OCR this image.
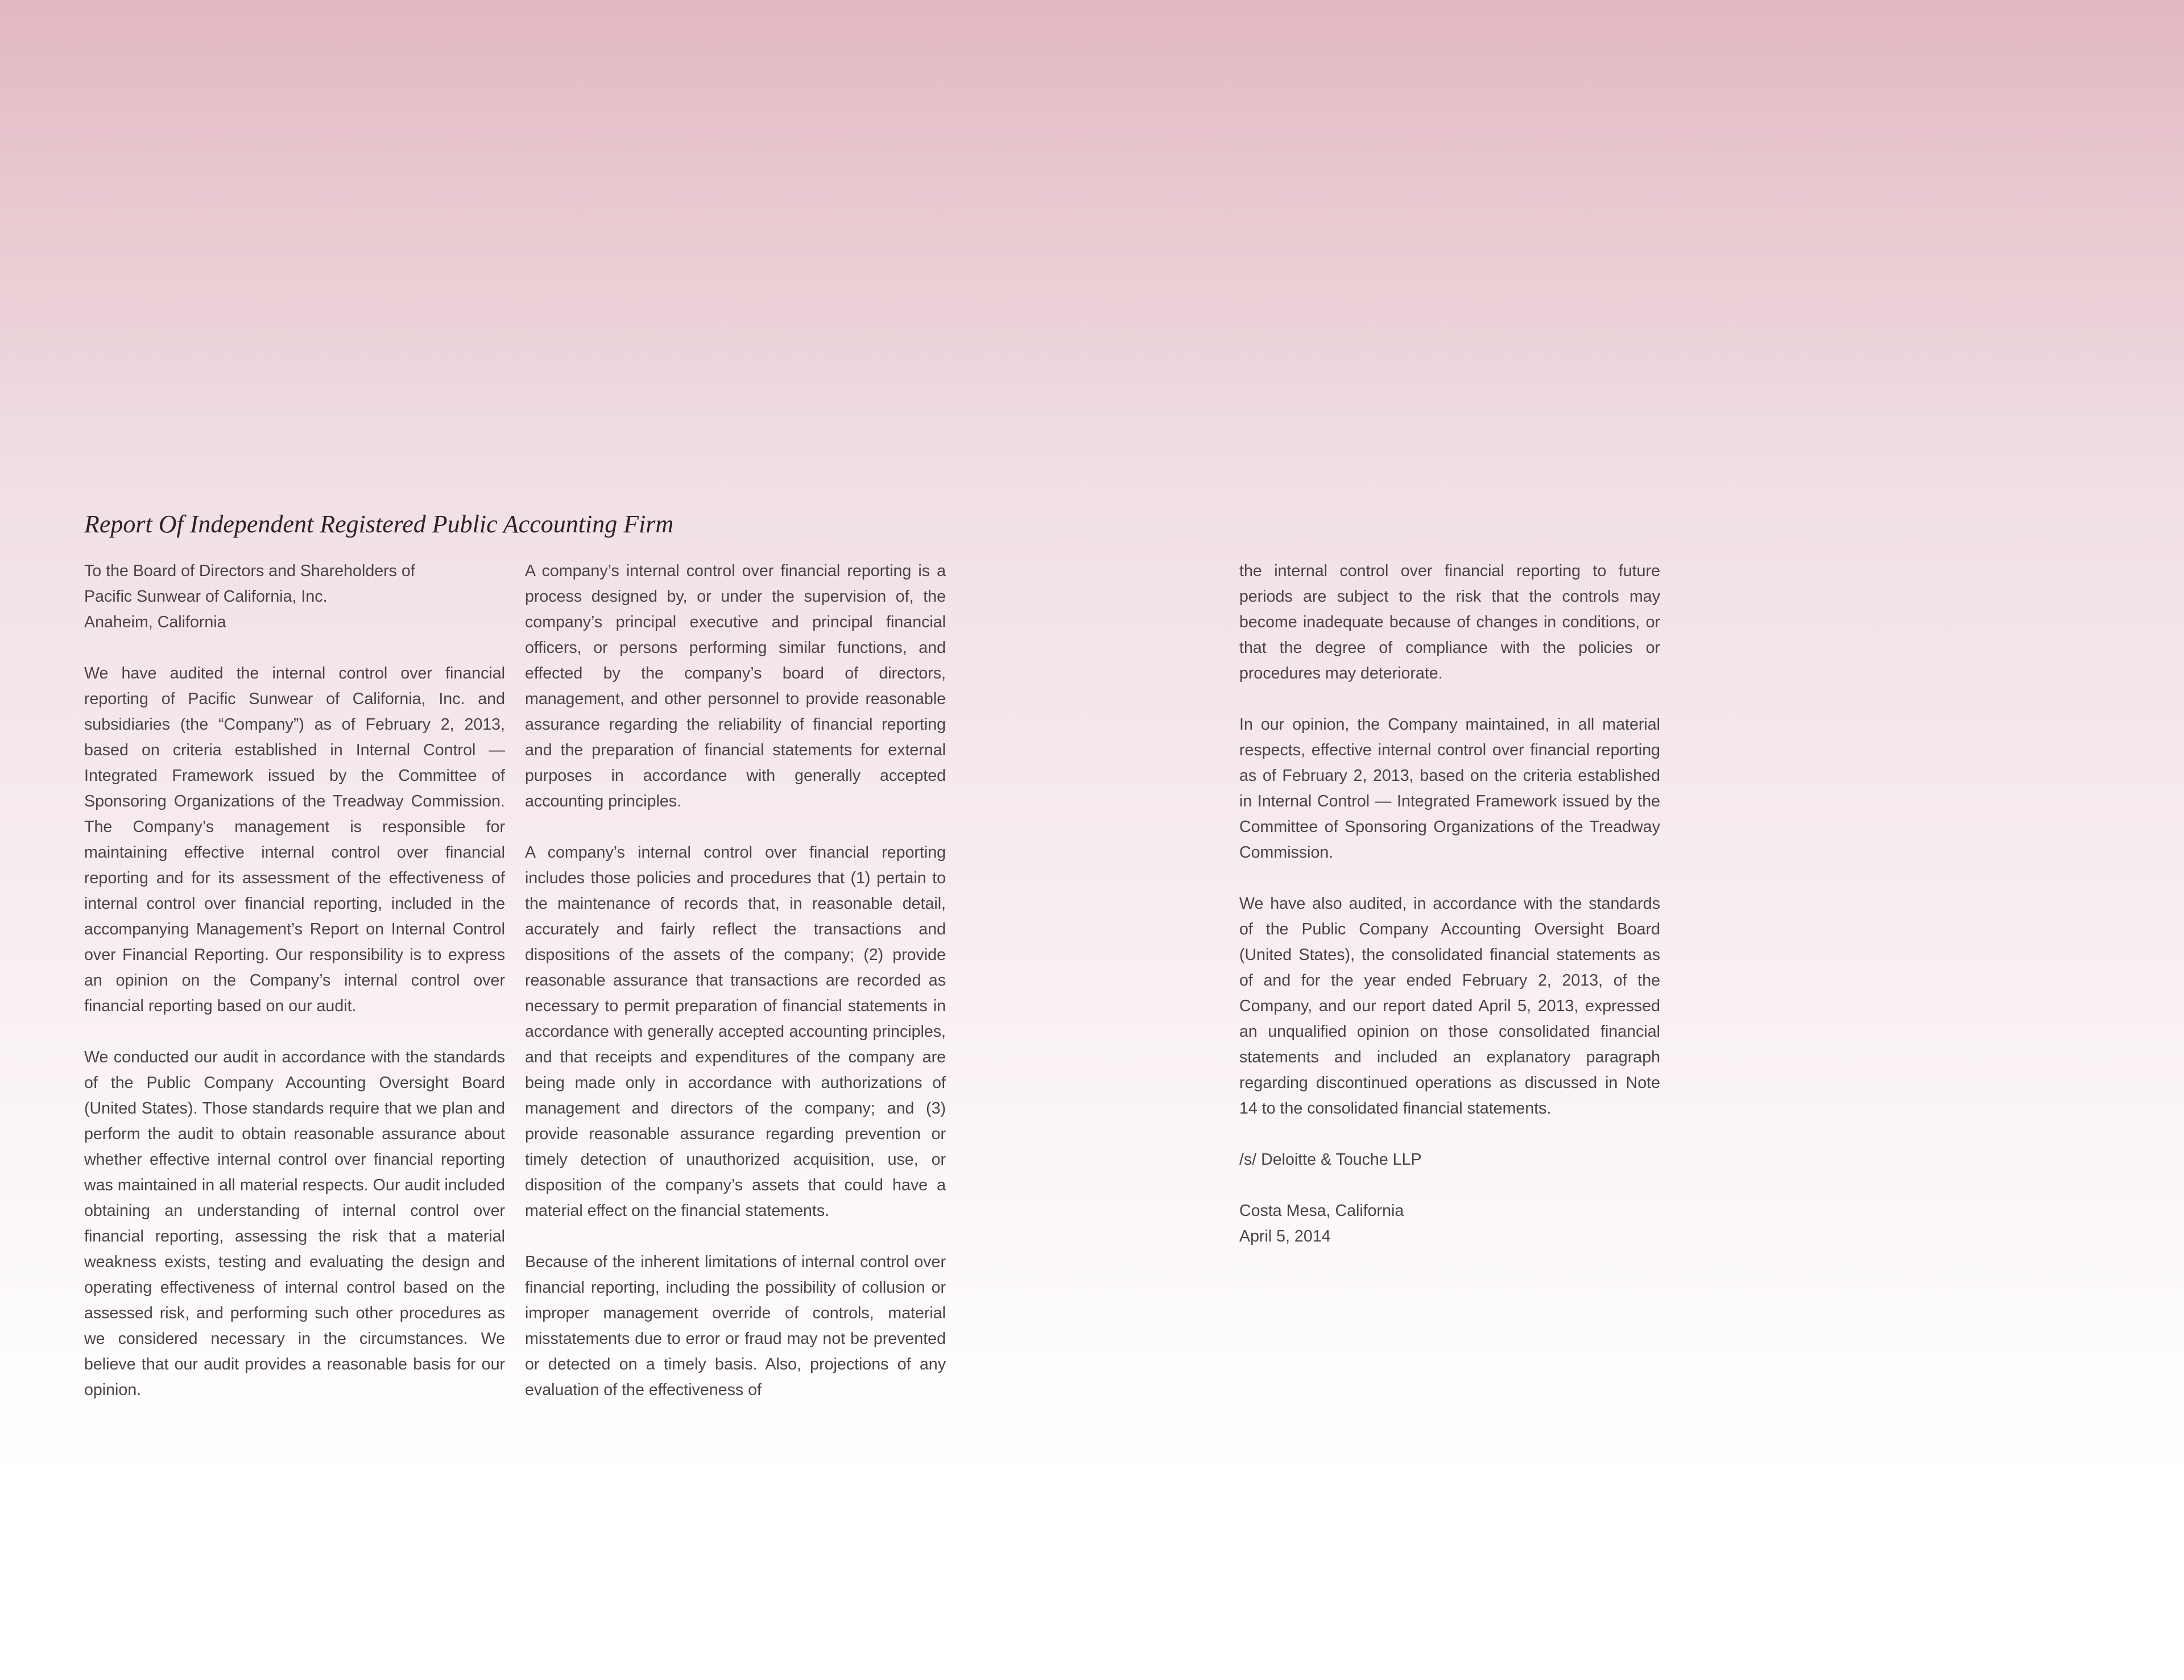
Report Of Independent Registered Public Accounting Firm

To the Board of Directors and Shareholders of
Pacific Sunwear of California, Inc.
Anaheim, California

We have audited the internal control over financial reporting of Pacific Sunwear of California, Inc. and subsidiaries (the “Company”) as of February 2, 2013, based on criteria established in Internal Control — Integrated Framework issued by the Committee of Sponsoring Organizations of the Treadway Commission. The Company’s management is responsible for maintaining effective internal control over financial reporting and for its assessment of the effectiveness of internal control over financial reporting, included in the accompanying Management’s Report on Internal Control over Financial Reporting. Our responsibility is to express an opinion on the Company’s internal control over financial reporting based on our audit.

We conducted our audit in accordance with the standards of the Public Company Accounting Oversight Board (United States). Those standards require that we plan and perform the audit to obtain reasonable assurance about whether effective internal control over financial reporting was maintained in all material respects. Our audit included obtaining an understanding of internal control over financial reporting, assessing the risk that a material weakness exists, testing and evaluating the design and operating effectiveness of internal control based on the assessed risk, and performing such other procedures as we considered necessary in the circumstances. We believe that our audit provides a reasonable basis for our opinion.

A company’s internal control over financial reporting is a process designed by, or under the supervision of, the company’s principal executive and principal financial officers, or persons performing similar functions, and effected by the company’s board of directors, management, and other personnel to provide reasonable assurance regarding the reliability of financial reporting and the preparation of financial statements for external purposes in accordance with generally accepted accounting principles.

A company’s internal control over financial reporting includes those policies and procedures that (1) pertain to the maintenance of records that, in reasonable detail, accurately and fairly reflect the transactions and dispositions of the assets of the company; (2) provide reasonable assurance that transactions are recorded as necessary to permit preparation of financial statements in accordance with generally accepted accounting principles, and that receipts and expenditures of the company are being made only in accordance with authorizations of management and directors of the company; and (3) provide reasonable assurance regarding prevention or timely detection of unauthorized acquisition, use, or disposition of the company’s assets that could have a material effect on the financial statements.

Because of the inherent limitations of internal control over financial reporting, including the possibility of collusion or improper management override of controls, material misstatements due to error or fraud may not be prevented or detected on a timely basis. Also, projections of any evaluation of the effectiveness of

the internal control over financial reporting to future periods are subject to the risk that the controls may become inadequate because of changes in conditions, or that the degree of compliance with the policies or procedures may deteriorate.

In our opinion, the Company maintained, in all material respects, effective internal control over financial reporting as of February 2, 2013, based on the criteria established in Internal Control — Integrated Framework issued by the Committee of Sponsoring Organizations of the Treadway Commission.

We have also audited, in accordance with the standards of the Public Company Accounting Oversight Board (United States), the consolidated financial statements as of and for the year ended February 2, 2013, of the Company, and our report dated April 5, 2013, expressed an unqualified opinion on those consolidated financial statements and included an explanatory paragraph regarding discontinued operations as discussed in Note 14 to the consolidated financial statements.

/s/ Deloitte & Touche LLP

Costa Mesa, California
April 5, 2014
